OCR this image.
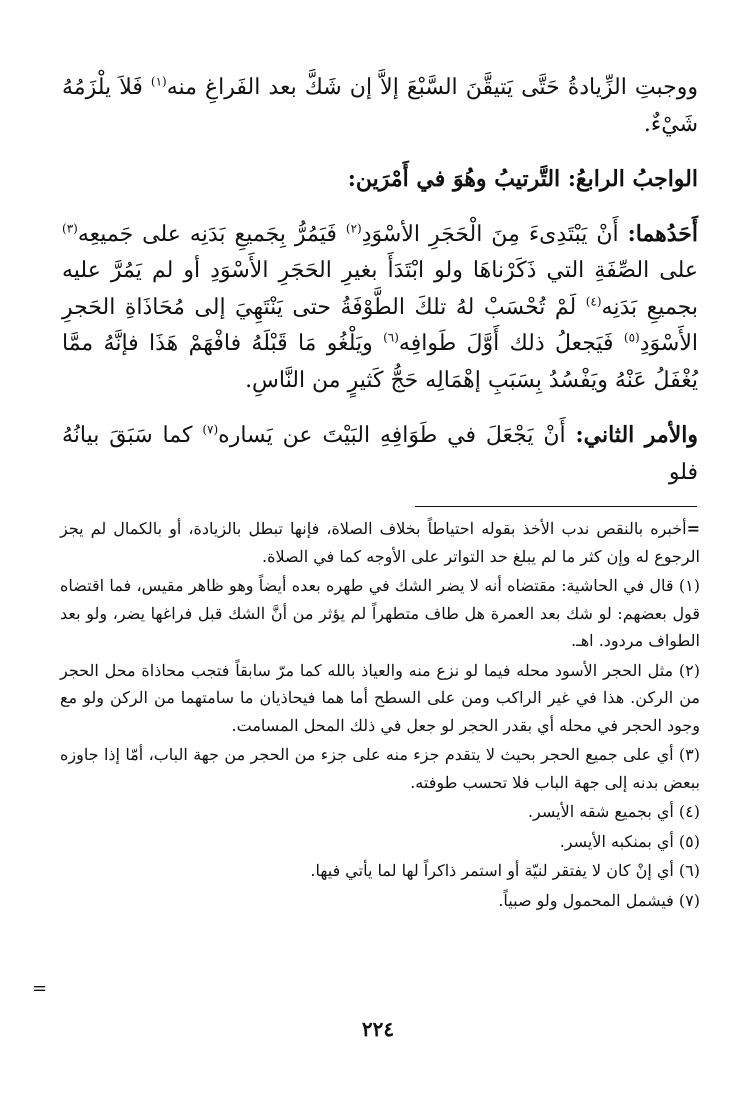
ووجبتِ الزِّيادةُ حَتَّى يَتيقَّنَ السَّبْعَ إلاَّ إن شَكَّ بعد الفَراغِ منه$^{(١)}$ فَلاَ يلْزَمُهُ شَيْءٌ.

الواجبُ الرابعُ: التَّرتيبُ وهُوَ في أَمْرَين:

أَحَدُهما: أَنْ يَبْتَدِىءَ مِنَ الْحَجَرِ الأسْوَدِ$^{(٢)}$ فَيَمُرُّ بِجَميعِ بَدَنِه على جَميعِه$^{(٣)}$ على الصِّفَةِ التي ذَكَرْناهَا ولو ابْتَدَأَ بغيرِ الحَجَرِ الأَسْوَدِ أو لم يَمُرَّ عليه بجميعِ بَدَنِه$^{(٤)}$ لَمْ تُحْسَبْ لهُ تلكَ الطَّوْفَةُ حتى يَنْتَهِيَ إلى مُحَاذَاةِ الحَجرِ الأَسْوَدِ$^{(٥)}$ فَيَجعلُ ذلك أَوَّلَ طَوافِه$^{(٦)}$ ويَلْغُو مَا قَبْلَهُ فافْهَمْ هَذَا فإنَّهُ ممَّا يُغْفَلُ عَنْهُ ويَفْسُدُ بِسَبَبِ إهْمَالِه حَجُّ كَثيرٍ من النَّاسِ.

والأمر الثاني: أَنْ يَجْعَلَ في طَوَافِهِ البَيْتَ عن يَساره$^{(٧)}$ كما سَبَقَ بيانُهُ فلو

=أخبره بالنقص ندب الأخذ بقوله احتياطاً بخلاف الصلاة، فإنها تبطل بالزيادة، أو بالكمال لم يجز الرجوع له وإن كثر ما لم يبلغ حد التواتر على الأوجه كما في الصلاة.

(١) قال في الحاشية: مقتضاه أنه لا يضر الشك في طهره بعده أيضاً وهو ظاهر مقيس، فما اقتضاه قول بعضهم: لو شك بعد العمرة هل طاف متطهراً لم يؤثر من أنَّ الشك قبل فراغها يضر، ولو بعد الطواف مردود. اهـ.

(٢) مثل الحجر الأسود محله فيما لو نزع منه والعياذ بالله كما مرّ سابقاً فتجب محاذاة محل الحجر من الركن. هذا في غير الراكب ومن على السطح أما هما فيحاذيان ما سامتهما من الركن ولو مع وجود الحجر في محله أي بقدر الحجر لو جعل في ذلك المحل المسامت.

(٣) أي على جميع الحجر بحيث لا يتقدم جزء منه على جزء من الحجر من جهة الباب، أمّا إذا جاوزه ببعض بدنه إلى جهة الباب فلا تحسب طوفته.

(٤) أي بجميع شقه الأيسر.

(٥) أي بمنكبه الأيسر.

(٦) أي إنْ كان لا يفتقر لنيّة أو استمر ذاكراً لها لما يأتي فيها.

(٧) فيشمل المحمول ولو صبياً.

=
٢٢٤
